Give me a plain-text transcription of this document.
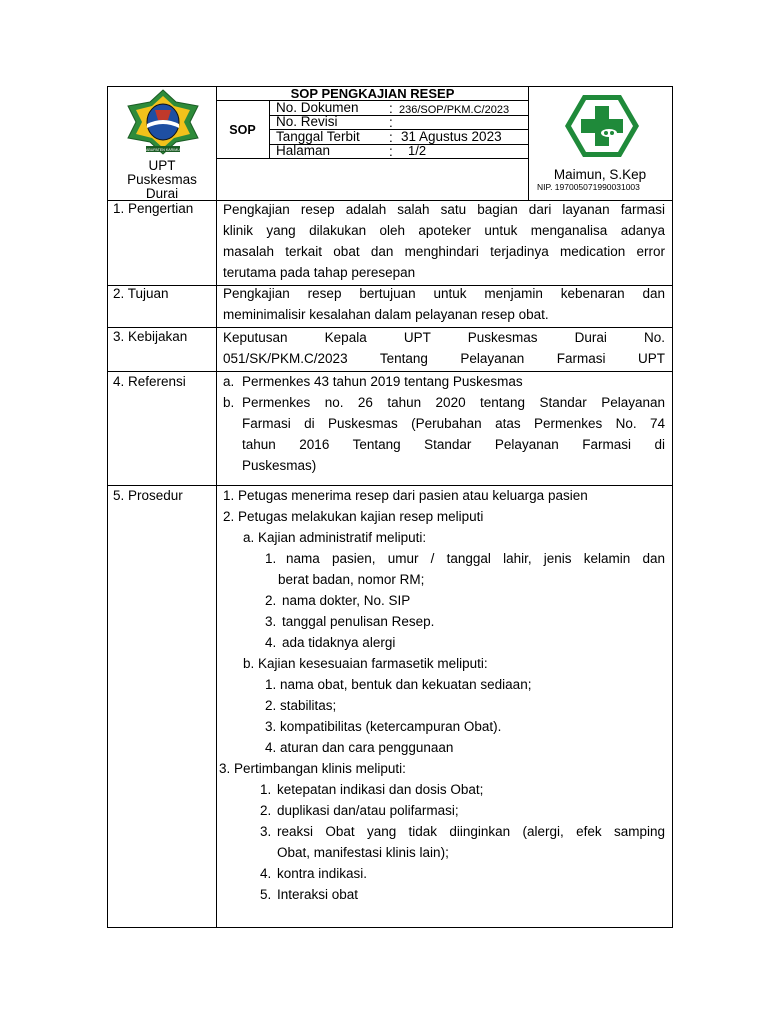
KABUPATEN KARIMUN
UPT
Puskesmas
Durai
SOP PENGKAJIAN RESEP
SOP
No. Dokumen : 236/SOP/PKM.C/2023
No. Revisi	:
Tanggal Terbit : 31 Agustus 2023
Halaman	: 1/2
Maimun, S.Kep
NIP. 197005071990031003
1. Pengertian Pengkajian resep adalah salah satu bagian dari layanan farmasi
klinik yang dilakukan oleh apoteker untuk menganalisa adanya
masalah terkait obat dan menghindari terjadinya medication error
terutama pada tahap peresepan
2. Tujuan	Pengkajian resep bertujuan untuk menjamin kebenaran dan
meminimalisir kesalahan dalam pelayanan resep obat.
3. Kebijakan	Keputusan Kepala UPT Puskesmas Durai No.
051/SK/PKM.C/2023 Tentang Pelayanan Farmasi UPT
4. Referensi	a. Permenkes 43 tahun 2019 tentang Puskesmas
b. Permenkes no. 26 tahun 2020 tentang Standar Pelayanan
Farmasi di Puskesmas (Perubahan atas Permenkes No. 74
tahun 2016 Tentang Standar Pelayanan Farmasi di
Puskesmas)
5. Prosedur	1. Petugas menerima resep dari pasien atau keluarga pasien
2. Petugas melakukan kajian resep meliputi
a. Kajian administratif meliputi:
1. nama pasien, umur / tanggal lahir, jenis kelamin dan
berat badan, nomor RM;
2. nama dokter, No. SIP
3. tanggal penulisan Resep.
4. ada tidaknya alergi
b. Kajian kesesuaian farmasetik meliputi:
1. nama obat, bentuk dan kekuatan sediaan;
2. stabilitas;
3. kompatibilitas (ketercampuran Obat).
4. aturan dan cara penggunaan
3. Pertimbangan klinis meliputi:
1. ketepatan indikasi dan dosis Obat;
2. duplikasi dan/atau polifarmasi;
3. reaksi Obat yang tidak diinginkan (alergi, efek samping
Obat, manifestasi klinis lain);
4. kontra indikasi.
5. Interaksi obat
